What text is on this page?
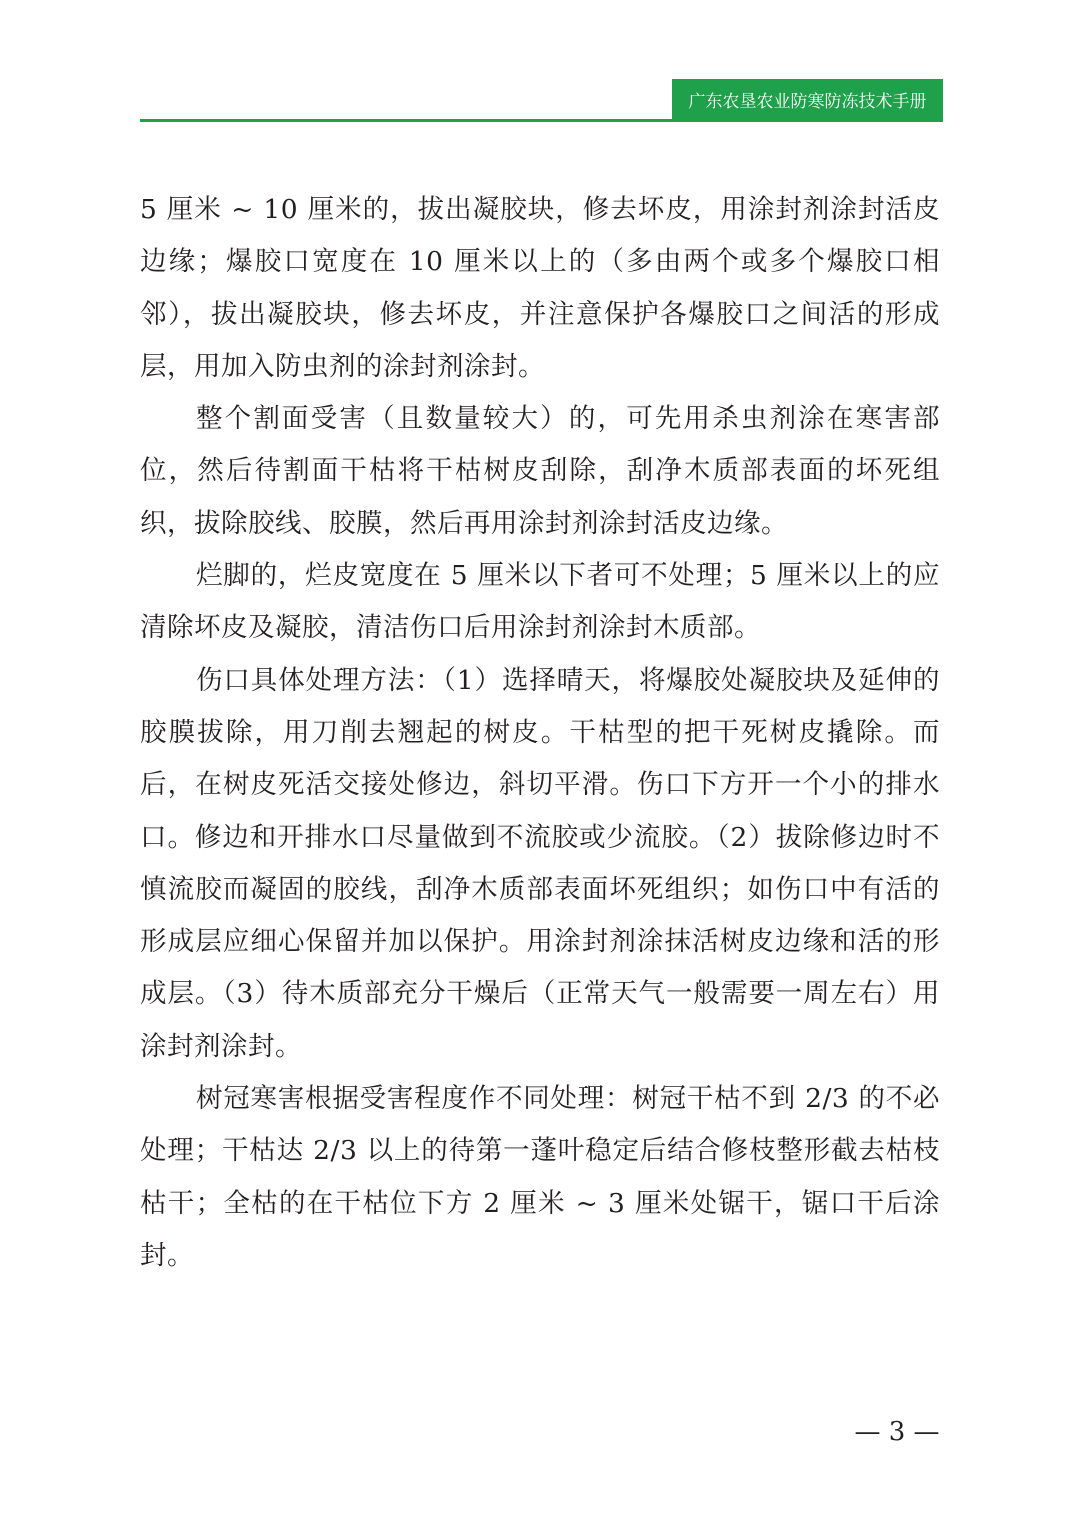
广东农垦农业防寒防冻技术手册

5 厘米 ~ 10 厘米的，拔出凝胶块，修去坏皮，用涂封剂涂封活皮边缘；爆胶口宽度在 10 厘米以上的（多由两个或多个爆胶口相邻），拔出凝胶块，修去坏皮，并注意保护各爆胶口之间活的形成层，用加入防虫剂的涂封剂涂封。

整个割面受害（且数量较大）的，可先用杀虫剂涂在寒害部位，然后待割面干枯将干枯树皮刮除，刮净木质部表面的坏死组织，拔除胶线、胶膜，然后再用涂封剂涂封活皮边缘。

烂脚的，烂皮宽度在 5 厘米以下者可不处理；5 厘米以上的应清除坏皮及凝胶，清洁伤口后用涂封剂涂封木质部。

伤口具体处理方法：（1）选择晴天，将爆胶处凝胶块及延伸的胶膜拔除，用刀削去翘起的树皮。干枯型的把干死树皮撬除。而后，在树皮死活交接处修边，斜切平滑。伤口下方开一个小的排水口。修边和开排水口尽量做到不流胶或少流胶。（2）拔除修边时不慎流胶而凝固的胶线，刮净木质部表面坏死组织；如伤口中有活的形成层应细心保留并加以保护。用涂封剂涂抹活树皮边缘和活的形成层。（3）待木质部充分干燥后（正常天气一般需要一周左右）用涂封剂涂封。

树冠寒害根据受害程度作不同处理：树冠干枯不到 2/3 的不必处理；干枯达 2/3 以上的待第一蓬叶稳定后结合修枝整形截去枯枝枯干；全枯的在干枯位下方 2 厘米 ~ 3 厘米处锯干，锯口干后涂封。

— 3 —
